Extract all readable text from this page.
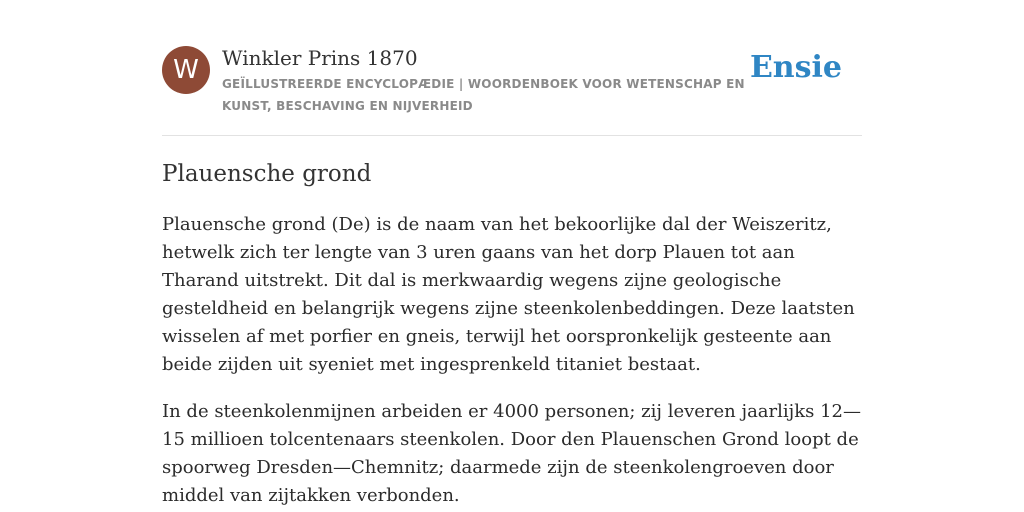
W	Winkler Prins 1870
GEÏLLUSTREERDE ENCYCLOPÆDIE | WOORDENBOEK VOOR WETENSCHAP EN KUNST, BESCHAVING EN NIJVERHEID
Ensie
Plauensche grond

Plauensche grond (De) is de naam van het bekoorlijke dal der Weiszeritz, hetwelk zich ter lengte van 3 uren gaans van het dorp Plauen tot aan Tharand uitstrekt. Dit dal is merkwaardig wegens zijne geologische gesteldheid en belangrijk wegens zijne steenkolenbeddingen. Deze laatsten wisselen af met porfier en gneis, terwijl het oorspronkelijk gesteente aan beide zijden uit syeniet met ingesprenkeld titaniet bestaat.

In de steenkolenmijnen arbeiden er 4000 personen; zij leveren jaarlijks 12—15 millioen tolcentenaars steenkolen. Door den Plauenschen Grond loopt de spoorweg Dresden—Chemnitz; daarmede zijn de steenkolengroeven door middel van zijtakken verbonden.
